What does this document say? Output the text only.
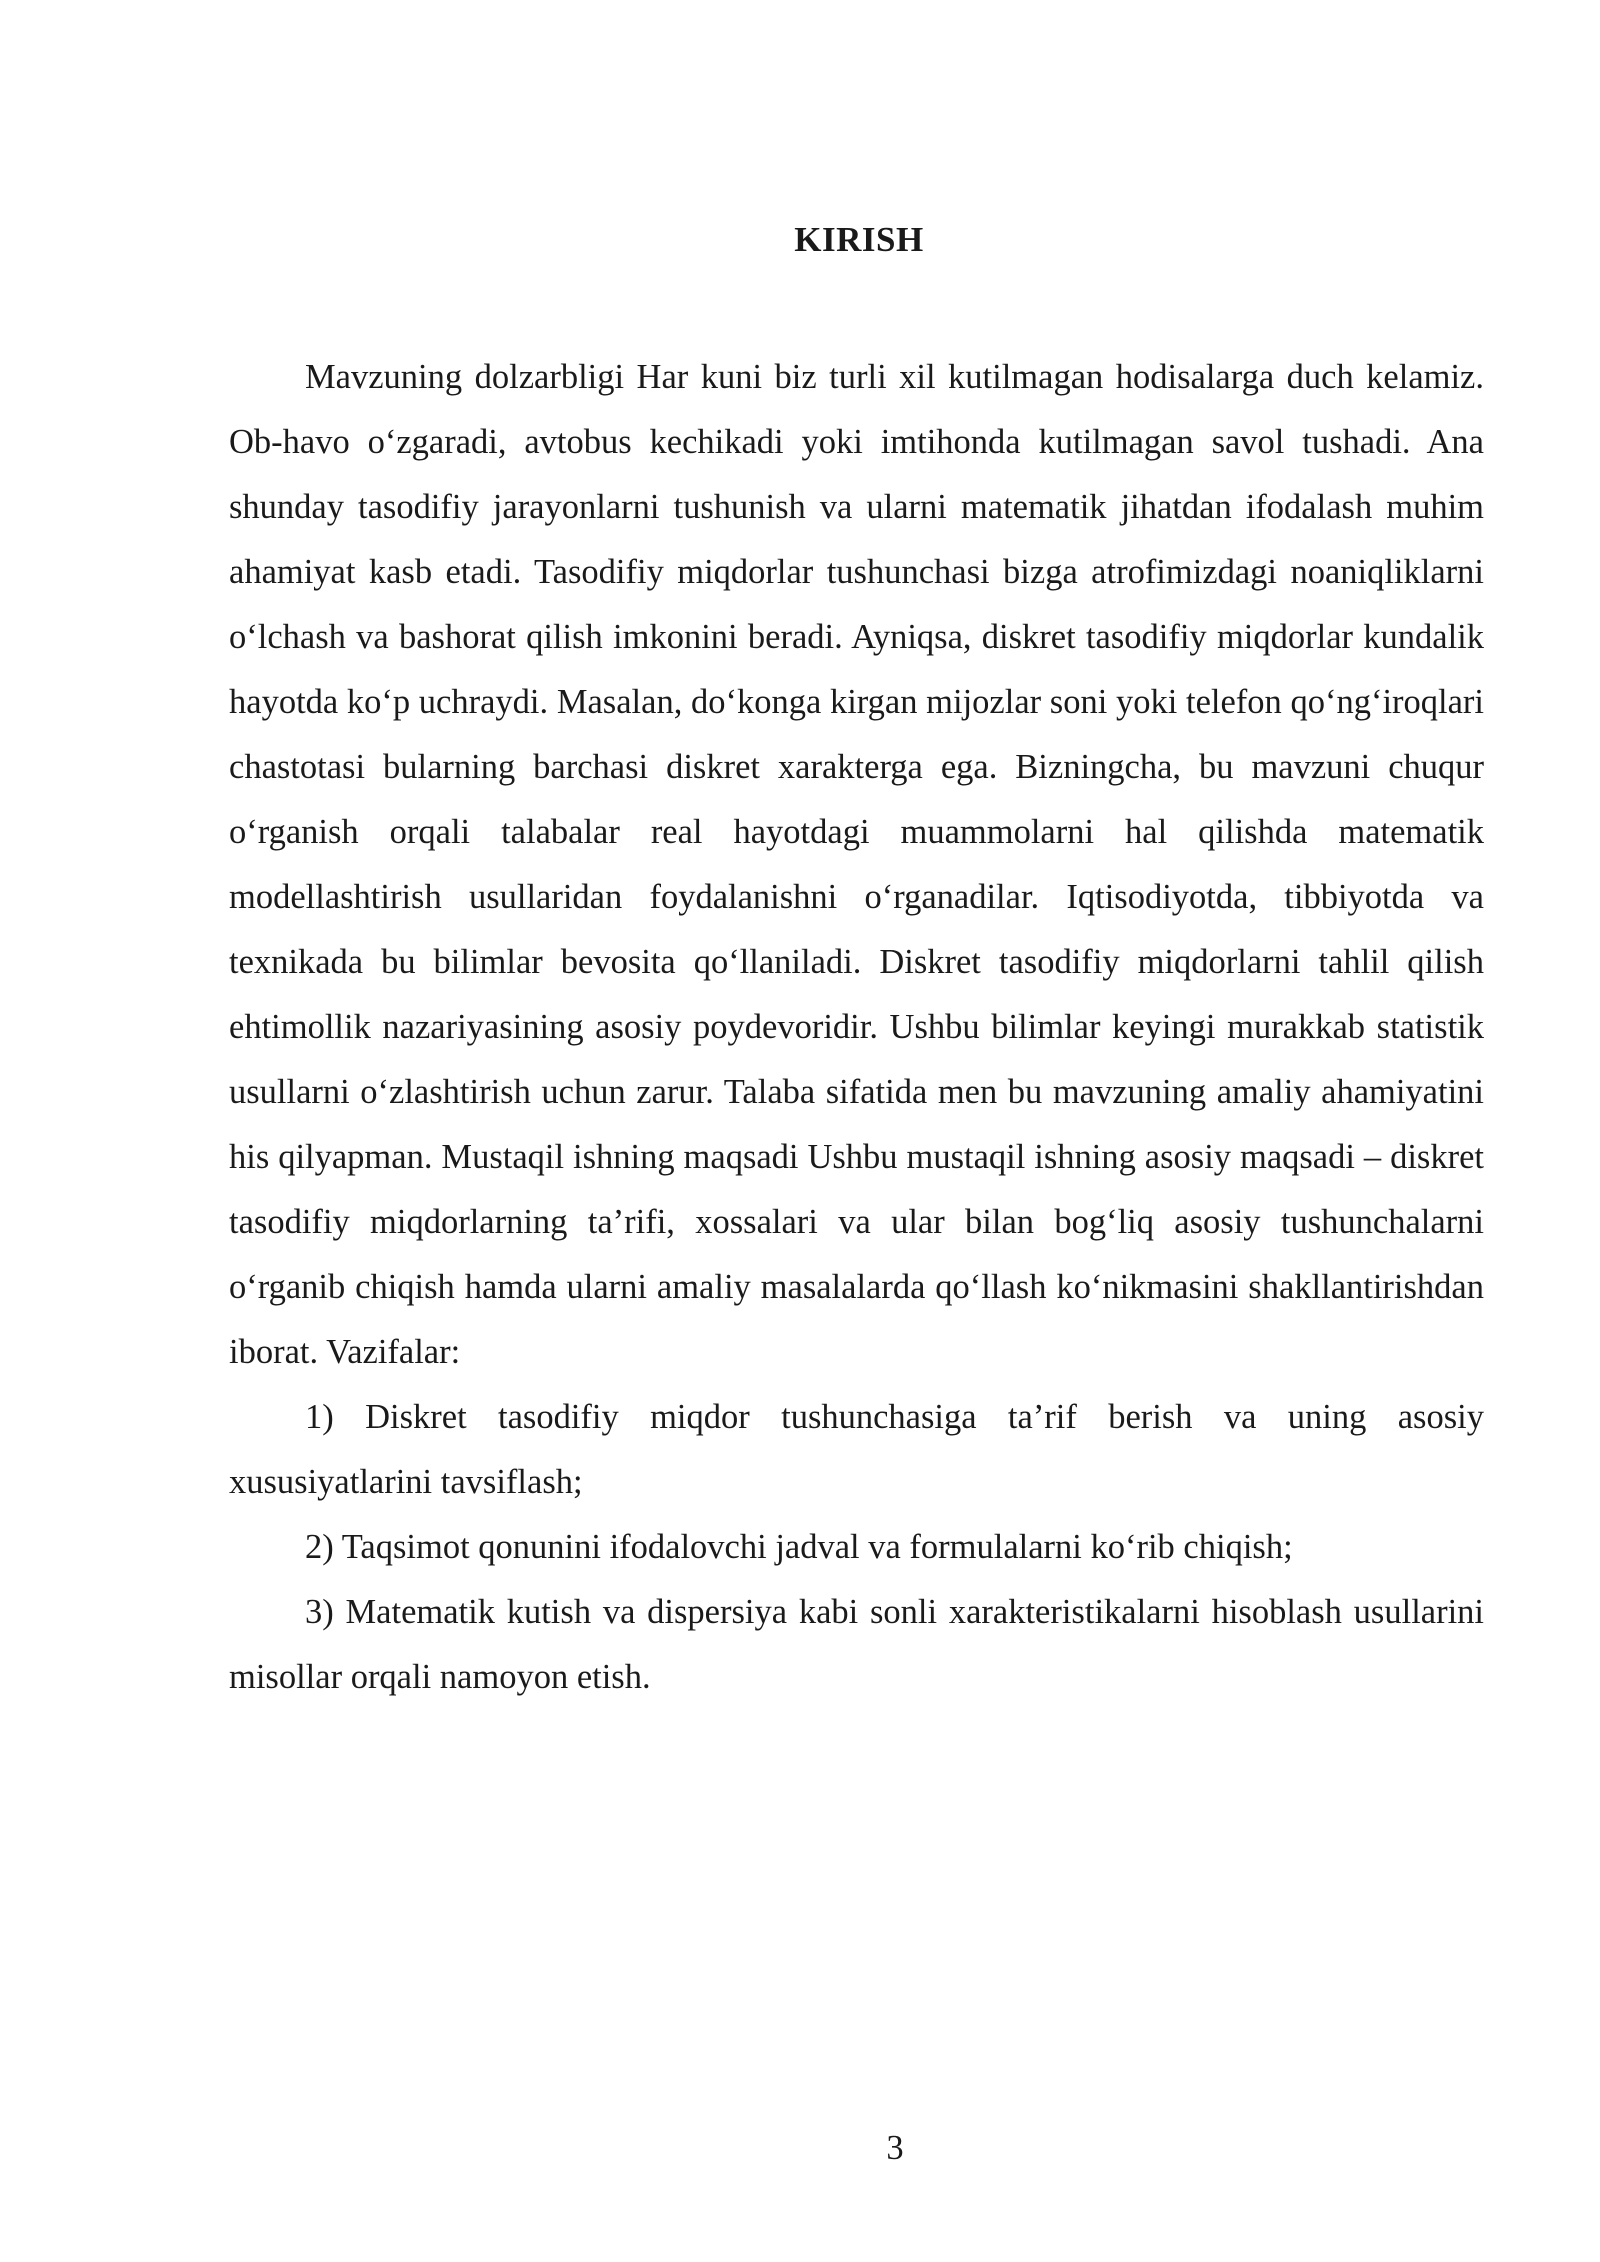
KIRISH

Mavzuning dolzarbligi Har kuni biz turli xil kutilmagan hodisalarga duch kelamiz. Ob-havo o‘zgaradi, avtobus kechikadi yoki imtihonda kutilmagan savol tushadi. Ana shunday tasodifiy jarayonlarni tushunish va ularni matematik jihatdan ifodalash muhim ahamiyat kasb etadi. Tasodifiy miqdorlar tushunchasi bizga atrofimizdagi noaniqliklarni o‘lchash va bashorat qilish imkonini beradi. Ayniqsa, diskret tasodifiy miqdorlar kundalik hayotda ko‘p uchraydi. Masalan, do‘konga kirgan mijozlar soni yoki telefon qo‘ng‘iroqlari chastotasi bularning barchasi diskret xarakterga ega. Bizningcha, bu mavzuni chuqur o‘rganish orqali talabalar real hayotdagi muammolarni hal qilishda matematik modellashtirish usullaridan foydalanishni o‘rganadilar. Iqtisodiyotda, tibbiyotda va texnikada bu bilimlar bevosita qo‘llaniladi. Diskret tasodifiy miqdorlarni tahlil qilish ehtimollik nazariyasining asosiy poydevoridir. Ushbu bilimlar keyingi murakkab statistik usullarni o‘zlashtirish uchun zarur. Talaba sifatida men bu mavzuning amaliy ahamiyatini his qilyapman. Mustaqil ishning maqsadi Ushbu mustaqil ishning asosiy maqsadi – diskret tasodifiy miqdorlarning ta’rifi, xossalari va ular bilan bog‘liq asosiy tushunchalarni o‘rganib chiqish hamda ularni amaliy masalalarda qo‘llash ko‘nikmasini shakllantirishdan iborat. Vazifalar:

1) Diskret tasodifiy miqdor tushunchasiga ta’rif berish va uning asosiy xususiyatlarini tavsiflash;

2) Taqsimot qonunini ifodalovchi jadval va formulalarni ko‘rib chiqish;

3) Matematik kutish va dispersiya kabi sonli xarakteristikalarni hisoblash usullarini misollar orqali namoyon etish.

3
